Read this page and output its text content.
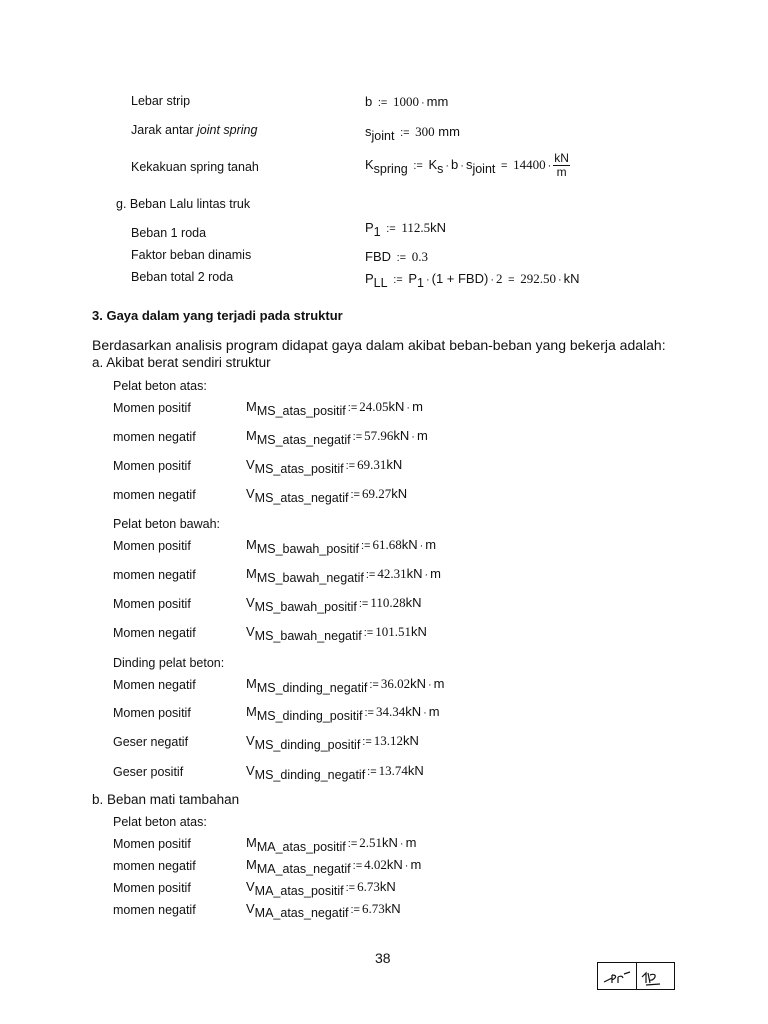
Lebar strip	b := 1000 · mm
Jarak antar joint spring	$s_{joint}$ := 300 mm
Kekakuan spring tanah	$K_{spring}$ := $K_s \cdot b \cdot s_{joint} = 14400 \cdot \frac{kN}{m}$
g. Beban Lalu lintas truk
Beban 1 roda	$P_1$ := 112.5kN
Faktor beban dinamis	FBD := 0.3
Beban total 2 roda	$P_{LL}$ := $P_1 \cdot (1 + FBD) \cdot 2 = 292.50$ · kN
3. Gaya dalam yang terjadi pada struktur
Berdasarkan analisis program didapat gaya dalam akibat beban-beban yang bekerja adalah:
a. Akibat berat sendiri struktur
Pelat beton atas:
Momen positif	$M_{MS\_atas\_positif}$ := 24.05kN · m
momen negatif	$M_{MS\_atas\_negatif}$ := 57.96kN · m
Momen positif	$V_{MS\_atas\_positif}$ := 69.31kN
momen negatif	$V_{MS\_atas\_negatif}$ := 69.27kN
Pelat beton bawah:
Momen positif	$M_{MS\_bawah\_positif}$ := 61.68kN · m
momen negatif	$M_{MS\_bawah\_negatif}$ := 42.31kN · m
Momen positif	$V_{MS\_bawah\_positif}$ := 110.28kN
Momen negatif	$V_{MS\_bawah\_negatif}$ := 101.51kN
Dinding pelat beton:
Momen negatif	$M_{MS\_dinding\_negatif}$ := 36.02kN · m
Momen positif	$M_{MS\_dinding\_positif}$ := 34.34kN · m
Geser negatif	$V_{MS\_dinding\_positif}$ := 13.12kN
Geser positif	$V_{MS\_dinding\_negatif}$ := 13.74kN
b. Beban mati tambahan
Pelat beton atas:
Momen positif	$M_{MA\_atas\_positif}$ := 2.51kN · m
momen negatif	$M_{MA\_atas\_negatif}$ := 4.02kN · m
Momen positif	$V_{MA\_atas\_positif}$ := 6.73kN
momen negatif	$V_{MA\_atas\_negatif}$ := 6.73kN
38
